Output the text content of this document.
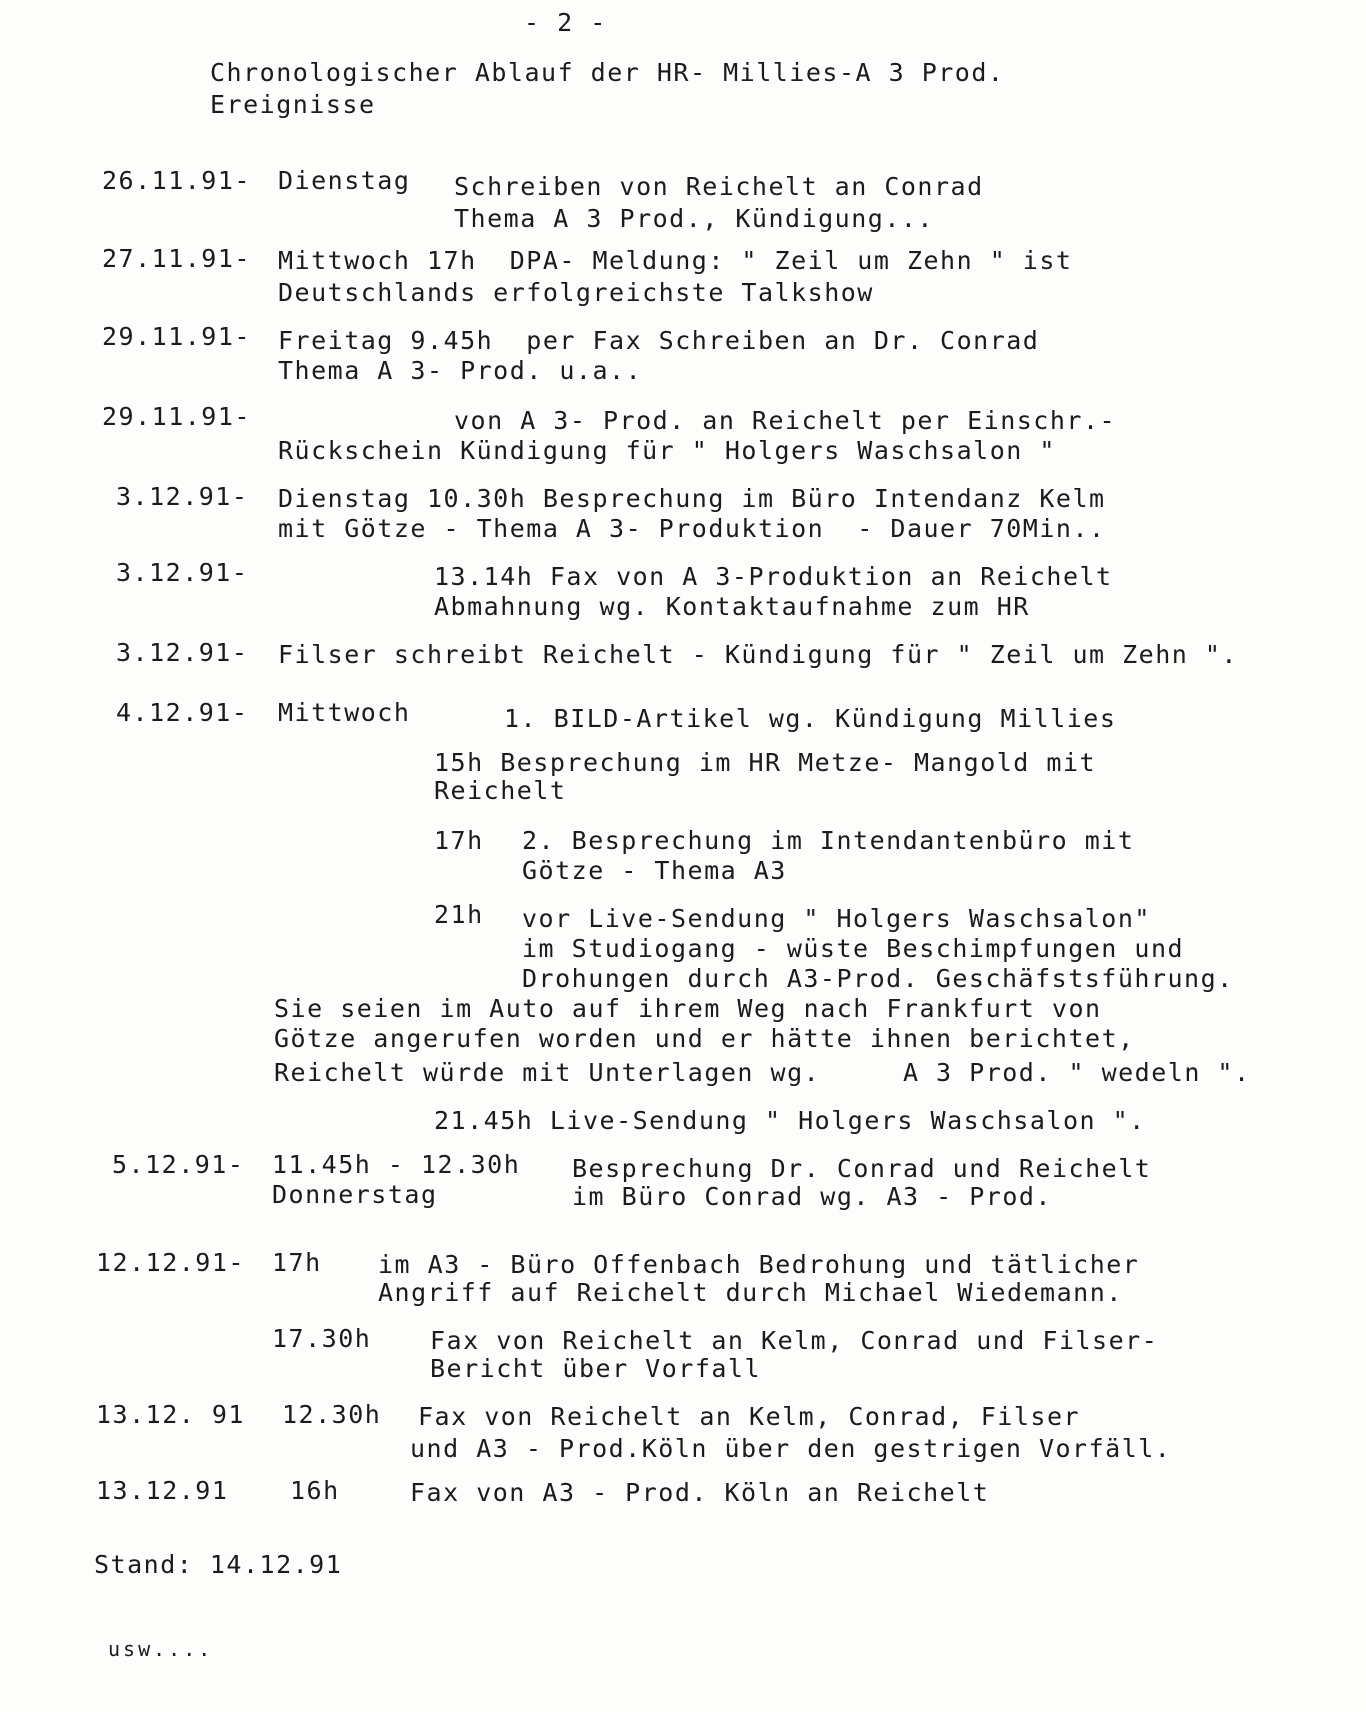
- 2 -
Chronologischer Ablauf der HR- Millies-A 3 Prod.
Ereignisse
26.11.91- Dienstag Schreiben von Reichelt an Conrad
Thema A 3 Prod., Kündigung...
27.11.91- Mittwoch 17h  DPA- Meldung: " Zeil um Zehn " ist
Deutschlands erfolgreichste Talkshow
29.11.91- Freitag 9.45h  per Fax Schreiben an Dr. Conrad
Thema A 3- Prod. u.a..
29.11.91-	von A 3- Prod. an Reichelt per Einschr.-
Rückschein Kündigung für " Holgers Waschsalon "
3.12.91- Dienstag 10.30h Besprechung im Büro Intendanz Kelm
mit Götze - Thema A 3- Produktion  - Dauer 70Min..
3.12.91-	13.14h Fax von A 3-Produktion an Reichelt
Abmahnung wg. Kontaktaufnahme zum HR
3.12.91- Filser schreibt Reichelt - Kündigung für " Zeil um Zehn ".
4.12.91- Mittwoch	1. BILD-Artikel wg. Kündigung Millies
15h Besprechung im HR Metze- Mangold mit
Reichelt
17h 2. Besprechung im Intendantenbüro mit
Götze - Thema A3
21h vor Live-Sendung " Holgers Waschsalon"
im Studiogang - wüste Beschimpfungen und
Drohungen durch A3-Prod. Geschäfstsführung.
Sie seien im Auto auf ihrem Weg nach Frankfurt von
Götze angerufen worden und er hätte ihnen berichtet,
Reichelt würde mit Unterlagen wg.     A 3 Prod. " wedeln ".
21.45h Live-Sendung " Holgers Waschsalon ".
5.12.91- 11.45h - 12.30h Besprechung Dr. Conrad und Reichelt
Donnerstag	im Büro Conrad wg. A3 - Prod.
12.12.91- 17h im A3 - Büro Offenbach Bedrohung und tätlicher
Angriff auf Reichelt durch Michael Wiedemann.
17.30h Fax von Reichelt an Kelm, Conrad und Filser-
Bericht über Vorfall
13.12. 91 12.30h Fax von Reichelt an Kelm, Conrad, Filser
und A3 - Prod.Köln über den gestrigen Vorfäll.
13.12.91 16h	Fax von A3 - Prod. Köln an Reichelt
Stand: 14.12.91
usw....
